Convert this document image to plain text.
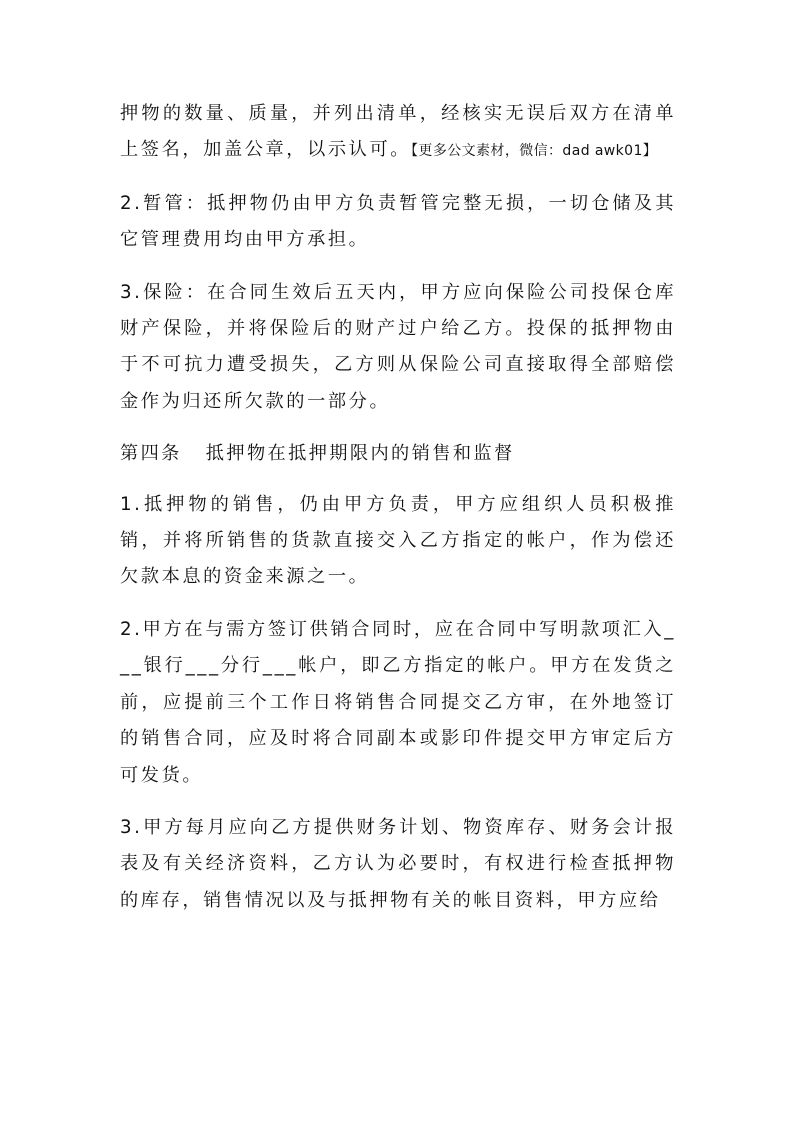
押物的数量、质量，并列出清单，经核实无误后双方在清单上签名，加盖公章，以示认可。【更多公文素材，微信：dad awk01】

2.暂管：抵押物仍由甲方负责暂管完整无损，一切仓储及其它管理费用均由甲方承担。

3.保险：在合同生效后五天内，甲方应向保险公司投保仓库财产保险，并将保险后的财产过户给乙方。投保的抵押物由于不可抗力遭受损失，乙方则从保险公司直接取得全部赔偿金作为归还所欠款的一部分。

第四条 抵押物在抵押期限内的销售和监督

1.抵押物的销售，仍由甲方负责，甲方应组织人员积极推销，并将所销售的货款直接交入乙方指定的帐户，作为偿还欠款本息的资金来源之一。

2.甲方在与需方签订供销合同时，应在合同中写明款项汇入___银行___分行___帐户，即乙方指定的帐户。甲方在发货之前，应提前三个工作日将销售合同提交乙方审，在外地签订的销售合同，应及时将合同副本或影印件提交甲方审定后方可发货。

3.甲方每月应向乙方提供财务计划、物资库存、财务会计报表及有关经济资料，乙方认为必要时，有权进行检查抵押物的库存，销售情况以及与抵押物有关的帐目资料，甲方应给
